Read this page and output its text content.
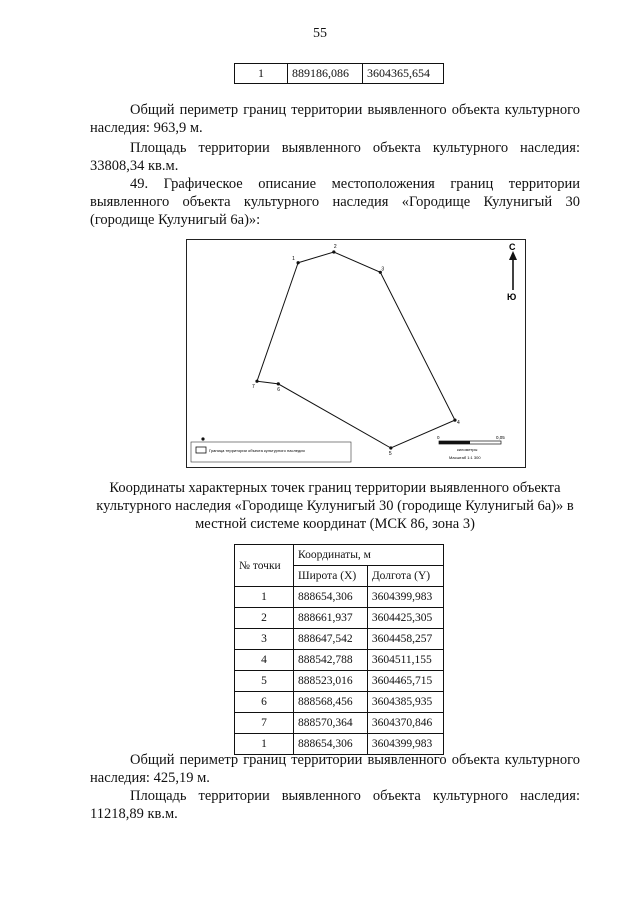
55
1	889186,086	3604365,654
Общий периметр границ территории выявленного объекта культурного наследия: 963,9 м.
Площадь территории выявленного объекта культурного наследия: 33808,34 кв.м.
49. Графическое описание местоположения границ территории выявленного объекта культурного наследия «Городище Кулунигый 30 (городище Кулунигый 6а)»:
1
2
3
4
5
6
7
С
Ю
Граница территории объекта культурного наследия
0	0,05
километры
Масштаб 1:1 300
Координаты характерных точек границ территории выявленного объекта культурного наследия «Городище Кулунигый 30 (городище Кулунигый 6а)» в местной системе координат (МСК 86, зона 3)
№ точки	Координаты, м	
	Широта (X)	Долгота (Y)
1	888654,306	3604399,983
2	888661,937	3604425,305
3	888647,542	3604458,257
4	888542,788	3604511,155
5	888523,016	3604465,715
6	888568,456	3604385,935
7	888570,364	3604370,846
1	888654,306	3604399,983
Общий периметр границ территории выявленного объекта культурного наследия: 425,19 м.
Площадь территории выявленного объекта культурного наследия: 11218,89 кв.м.
